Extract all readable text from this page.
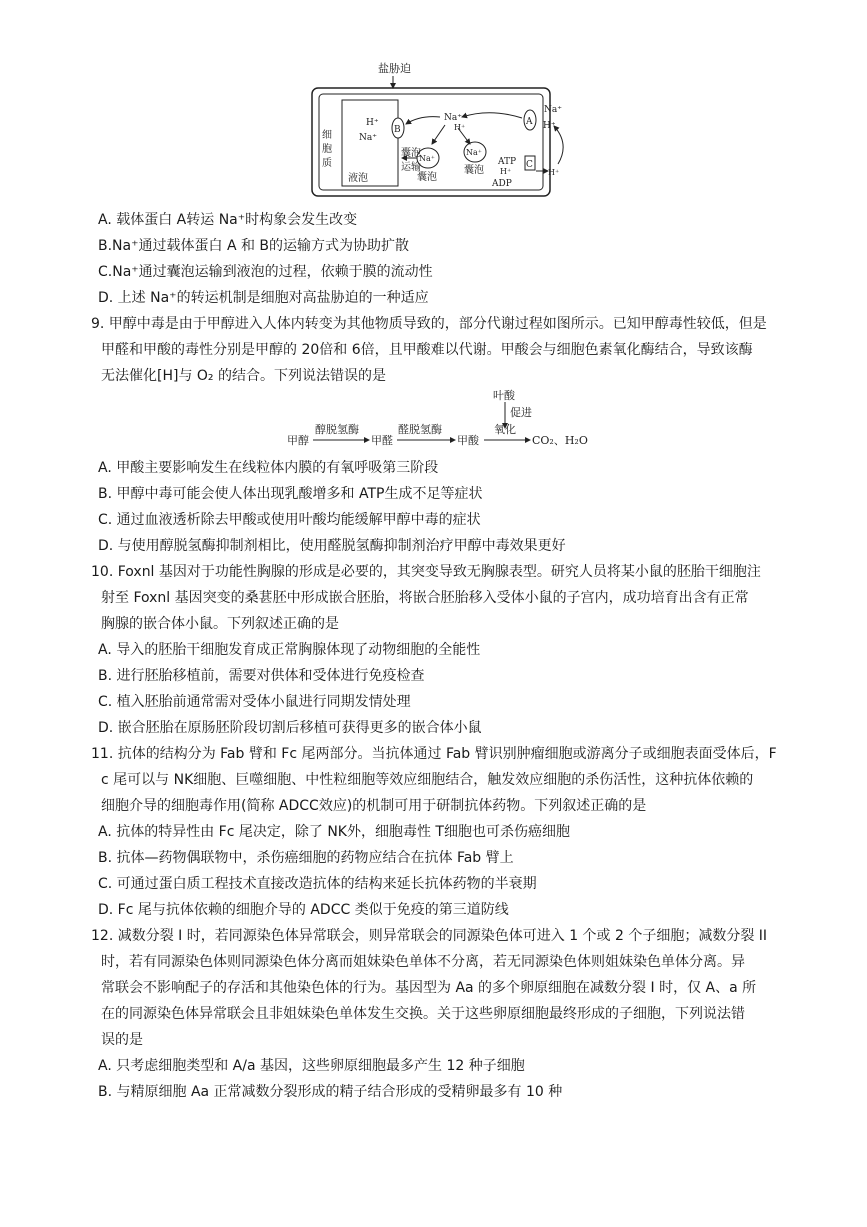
盐胁迫
细
胞
质
液泡
H⁺
Na⁺
B
Na⁺
H⁺
Na⁺
囊泡
Na⁺
囊泡
囊泡
运输
A
Na⁺
H⁺
C
ATP
H⁺
ADP
H⁺
A. 载体蛋白 A转运 Na⁺时构象会发生改变
B.Na⁺通过载体蛋白 A 和 B的运输方式为协助扩散
C.Na⁺通过囊泡运输到液泡的过程，依赖于膜的流动性
D. 上述 Na⁺的转运机制是细胞对高盐胁迫的一种适应
9. 甲醇中毒是由于甲醇进入人体内转变为其他物质导致的，部分代谢过程如图所示。已知甲醇毒性较低，但是
甲醛和甲酸的毒性分别是甲醇的 20倍和 6倍，且甲酸难以代谢。甲酸会与细胞色素氧化酶结合，导致该酶
无法催化[H]与 O₂ 的结合。下列说法错误的是
叶酸
促进
甲醇
醇脱氢酶
甲醛
醛脱氢酶
甲酸
氧化
CO₂、H₂O
A. 甲酸主要影响发生在线粒体内膜的有氧呼吸第三阶段
B. 甲醇中毒可能会使人体出现乳酸增多和 ATP生成不足等症状
C. 通过血液透析除去甲酸或使用叶酸均能缓解甲醇中毒的症状
D. 与使用醇脱氢酶抑制剂相比，使用醛脱氢酶抑制剂治疗甲醇中毒效果更好
10. Foxnl 基因对于功能性胸腺的形成是必要的，其突变导致无胸腺表型。研究人员将某小鼠的胚胎干细胞注
射至 Foxnl 基因突变的桑葚胚中形成嵌合胚胎，将嵌合胚胎移入受体小鼠的子宫内，成功培育出含有正常
胸腺的嵌合体小鼠。下列叙述正确的是
A. 导入的胚胎干细胞发育成正常胸腺体现了动物细胞的全能性
B. 进行胚胎移植前，需要对供体和受体进行免疫检查
C. 植入胚胎前通常需对受体小鼠进行同期发情处理
D. 嵌合胚胎在原肠胚阶段切割后移植可获得更多的嵌合体小鼠
11. 抗体的结构分为 Fab 臂和 Fc 尾两部分。当抗体通过 Fab 臂识别肿瘤细胞或游离分子或细胞表面受体后，F
c 尾可以与 NK细胞、巨噬细胞、中性粒细胞等效应细胞结合，触发效应细胞的杀伤活性，这种抗体依赖的
细胞介导的细胞毒作用(简称 ADCC效应)的机制可用于研制抗体药物。下列叙述正确的是
A. 抗体的特异性由 Fc 尾决定，除了 NK外，细胞毒性 T细胞也可杀伤癌细胞
B. 抗体—药物偶联物中，杀伤癌细胞的药物应结合在抗体 Fab 臂上
C. 可通过蛋白质工程技术直接改造抗体的结构来延长抗体药物的半衰期
D. Fc 尾与抗体依赖的细胞介导的 ADCC 类似于免疫的第三道防线
12. 减数分裂 I 时，若同源染色体异常联会，则异常联会的同源染色体可进入 1 个或 2 个子细胞；减数分裂 II
时，若有同源染色体则同源染色体分离而姐妹染色单体不分离，若无同源染色体则姐妹染色单体分离。异
常联会不影响配子的存活和其他染色体的行为。基因型为 Aa 的多个卵原细胞在减数分裂 I 时，仅 A、a 所
在的同源染色体异常联会且非姐妹染色单体发生交换。关于这些卵原细胞最终形成的子细胞，下列说法错
误的是
A. 只考虑细胞类型和 A/a 基因，这些卵原细胞最多产生 12 种子细胞
B. 与精原细胞 Aa 正常减数分裂形成的精子结合形成的受精卵最多有 10 种
